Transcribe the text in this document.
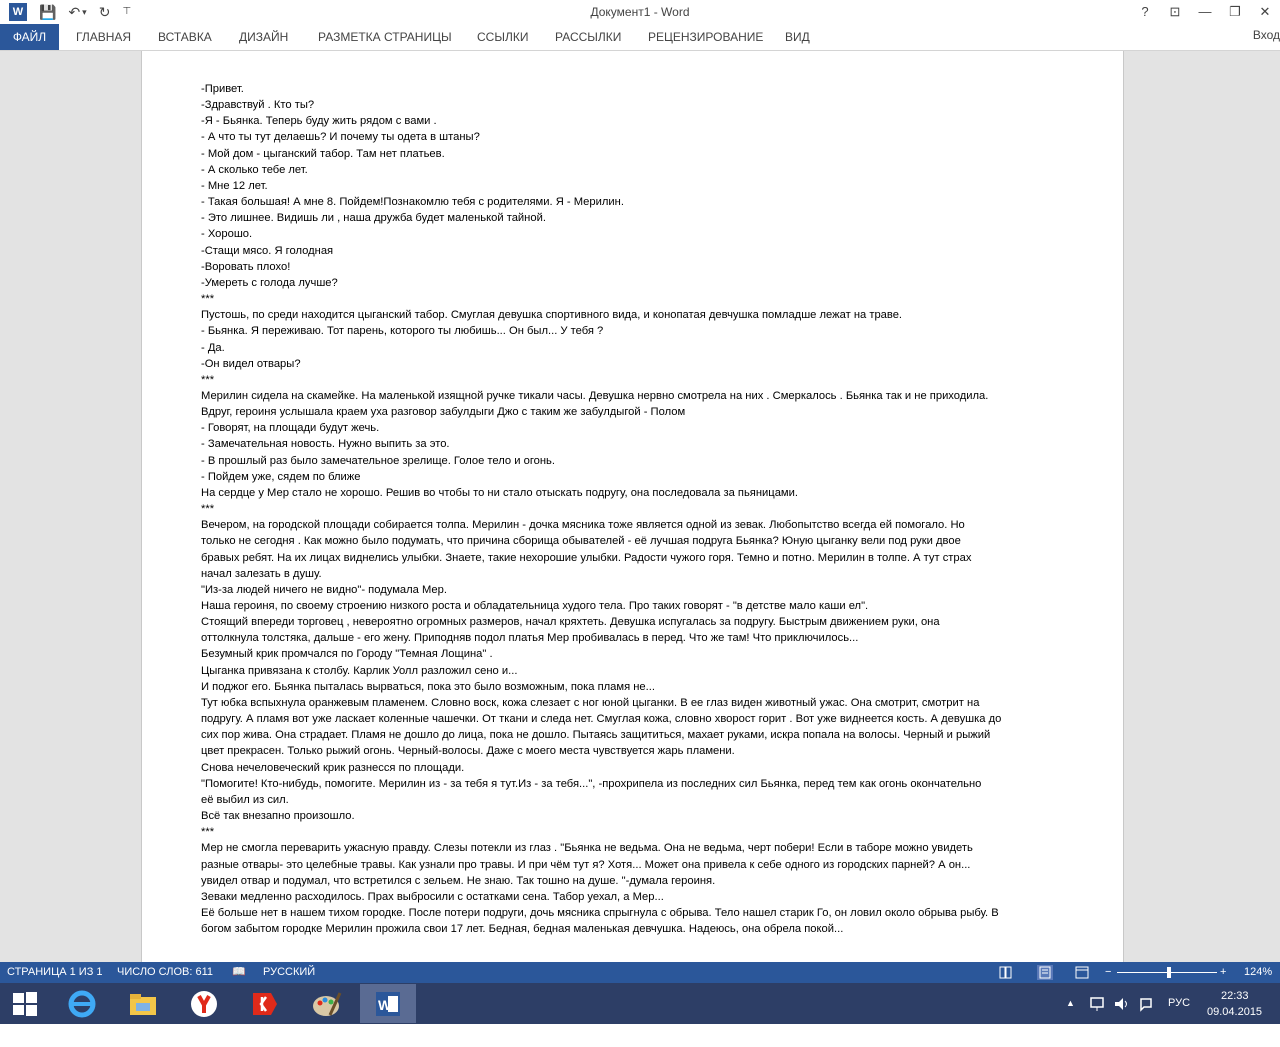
W 💾 ↶ ▾ ↻ ⊤	Документ1 - Word	?	⊡	—	❐	✕
ФАЙЛ	ГЛАВНАЯ ВСТАВКА ДИЗАЙН РАЗМЕТКА СТРАНИЦЫ ССЫЛКИ РАССЫЛКИ РЕЦЕНЗИРОВАНИЕ ВИД	Вход
-Привет.
-Здравствуй . Кто ты?
-Я - Бьянка. Теперь буду жить рядом с вами .
- А что ты тут делаешь? И почему ты одета в штаны?
- Мой дом - цыганский табор. Там нет платьев.
- А сколько тебе лет.
- Мне 12 лет.
- Такая большая! А мне 8. Пойдем!Познакомлю тебя с родителями. Я - Мерилин.
- Это лишнее. Видишь ли , наша дружба будет маленькой тайной.
- Хорошо.
-Стащи мясо. Я голодная
-Воровать плохо!
-Умереть с голода лучше?
***
Пустошь, по среди находится цыганский табор. Смуглая девушка спортивного вида, и конопатая девчушка помладше лежат на траве.
- Бьянка. Я переживаю. Тот парень, которого ты любишь... Он был... У тебя ?
- Да.
-Он видел отвары?
***
Мерилин сидела на скамейке. На маленькой изящной ручке тикали часы. Девушка нервно смотрела на них . Смеркалось . Бьянка так и не приходила.
Вдруг, героиня услышала краем уха разговор забулдыги Джо с таким же забулдыгой - Полом
- Говорят, на площади будут жечь.
- Замечательная новость. Нужно выпить за это.
- В прошлый раз было замечательное зрелище. Голое тело и огонь.
- Пойдем уже, сядем по ближе
На сердце у Мер стало не хорошо. Решив во чтобы то ни стало отыскать подругу, она последовала за пьяницами.
***
Вечером, на городской площади собирается толпа. Мерилин - дочка мясника тоже является одной из зевак. Любопытство всегда ей помогало. Но
только не сегодня . Как можно было подумать, что причина сборища обывателей - её лучшая подруга Бьянка? Юную цыганку вели под руки двое
бравых ребят. На их лицах виднелись улыбки. Знаете, такие нехорошие улыбки. Радости чужого горя. Темно и потно. Мерилин в толпе. А тут страх
начал залезать в душу.
"Из-за людей ничего не видно"- подумала Мер.
Наша героиня, по своему строению низкого роста и обладательница худого тела. Про таких говорят - "в детстве мало каши ел".
Стоящий впереди торговец , невероятно огромных размеров, начал кряхтеть. Девушка испугалась за подругу. Быстрым движением руки, она
оттолкнула толстяка, дальше - его жену. Приподняв подол платья Мер пробивалась в перед. Что же там! Что приключилось...
Безумный крик промчался по Городу "Темная Лощина" .
Цыганка привязана к столбу. Карлик Уолл разложил сено и...
И поджог его. Бьянка пыталась вырваться, пока это было возможным, пока пламя не...
Тут юбка вспыхнула оранжевым пламенем. Словно воск, кожа слезает с ног юной цыганки. В ее глаз виден животный ужас. Она смотрит, смотрит на
подругу. А пламя вот уже ласкает коленные чашечки. От ткани и следа нет. Смуглая кожа, словно хворост горит . Вот уже виднеется кость. А девушка до
сих пор жива. Она страдает. Пламя не дошло до лица, пока не дошло. Пытаясь защититься, махает руками, искра попала на волосы. Черный и рыжий
цвет прекрасен. Только рыжий огонь. Черный-волосы. Даже с моего места чувствуется жарь пламени.
Снова нечеловеческий крик разнесся по площади.
"Помогите! Кто-нибудь, помогите. Мерилин из - за тебя я тут.Из - за тебя...", -прохрипела из последних сил Бьянка, перед тем как огонь окончательно
её выбил из сил.
Всё так внезапно произошло.
***
Мер не смогла переварить ужасную правду. Слезы потекли из глаз . "Бьянка не ведьма. Она не ведьма, черт побери! Если в таборе можно увидеть
разные отвары- это целебные травы. Как узнали про травы. И при чём тут я? Хотя... Может она привела к себе одного из городских парней? А он...
увидел отвар и подумал, что встретился с зельем. Не знаю. Так тошно на душе. "-думала героиня.
Зеваки медленно расходилось. Прах выбросили с остатками сена. Табор уехал, а Мер...
Её больше нет в нашем тихом городке. После потери подруги, дочь мясника спрыгнула с обрыва. Тело нашел старик Го, он ловил около обрыва рыбу. В
богом забытом городке Мерилин прожила свои 17 лет. Бедная, бедная маленькая девчушка. Надеюсь, она обрела покой...
СТРАНИЦА 1 ИЗ 1 ЧИСЛО СЛОВ: 611 📖 РУССКИЙ	−	+ 124%
W	▲	РУС
22:33
09.04.2015
